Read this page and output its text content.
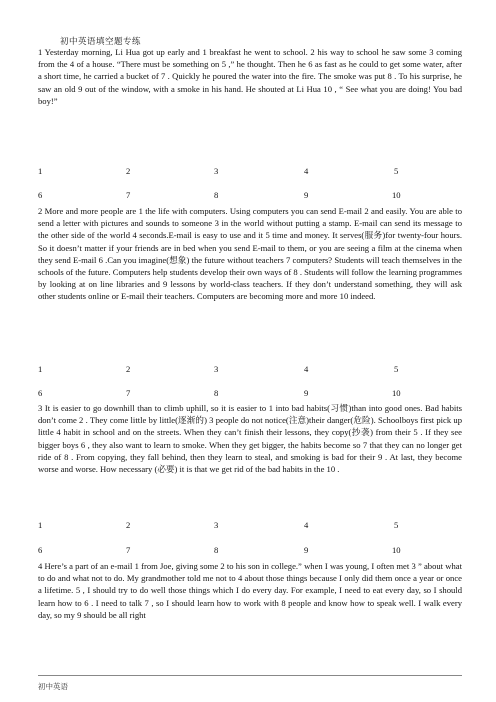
初中英语填空题专练

1 Yesterday morning, Li Hua got up early and 1 breakfast he went to school. 2 his way to school he saw some 3 coming from the 4 of a house. “There must be something on 5 ,” he thought. Then he 6 as fast as he could to get some water, after a short time, he carried a bucket of 7 . Quickly he poured the water into the fire. The smoke was put 8 . To his surprise, he saw an old 9 out of the window, with a smoke in his hand. He shouted at Li Hua 10 , “ See what you are doing! You bad boy!”

1	2	3	4	5
6	7	8	9	10

2 More and more people are 1 the life with computers. Using computers you can send E-mail 2 and easily. You are able to send a letter with pictures and sounds to someone 3 in the world without putting a stamp. E-mail can send its message to the other side of the world 4 seconds.E-mail is easy to use and it 5 time and money. It serves(服务)for twenty-four hours. So it doesn’t matter if your friends are in bed when you send E-mail to them, or you are seeing a film at the cinema when they send E-mail 6 .Can you imagine(想象) the future without teachers 7 computers? Students will teach themselves in the schools of the future. Computers help students develop their own ways of 8 . Students will follow the learning programmes by looking at on line libraries and 9 lessons by world-class teachers. If they don’t understand something, they will ask other students online or E-mail their teachers. Computers are becoming more and more 10 indeed.

1	2	3	4	5
6	7	8	9	10

3 It is easier to go downhill than to climb uphill, so it is easier to 1 into bad habits(习惯)than into good ones. Bad habits don’t come 2 . They come little by little(逐渐的) 3 people do not notice(注意)their danger(危险). Schoolboys first pick up little 4 habit in school and on the streets. When they can’t finish their lessons, they copy(抄袭) from their 5 . If they see bigger boys 6 , they also want to learn to smoke. When they get bigger, the habits become so 7 that they can no longer get ride of 8 . From copying, they fall behind, then they learn to steal, and smoking is bad for their 9 . At last, they become worse and worse. How necessary (必要) it is that we get rid of the bad habits in the 10 .

1	2	3	4	5
6	7	8	9	10

4 Here’s a part of an e-mail 1 from Joe, giving some 2 to his son in college.” when I was young, I often met 3 ” about what to do and what not to do. My grandmother told me not to 4 about those things because I only did them once a year or once a lifetime. 5 , I should try to do well those things which I do every day. For example, I need to eat every day, so I should learn how to 6 . I need to talk 7 , so I should learn how to work with 8 people and know how to speak well. I walk every day, so my 9 should be all right

初中英语
